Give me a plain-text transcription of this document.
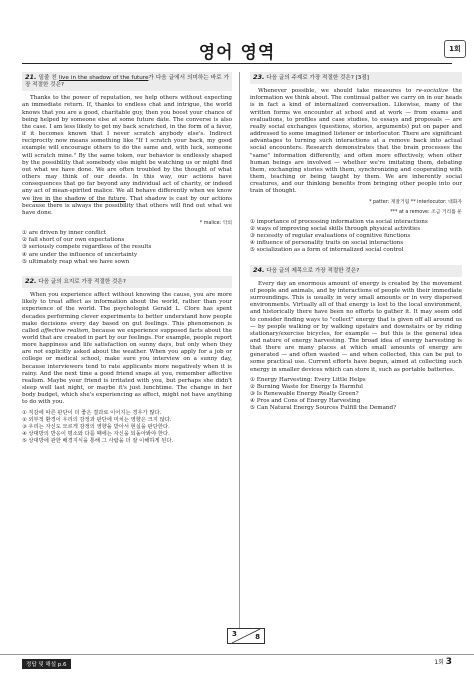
영어 영역	1회
21. 밑줄 친 live in the shadow of the future가 다음 글에서 의미하는 바로 가장 적절한 것은?

Thanks to the power of reputation, we help others without expecting an immediate return. If, thanks to endless chat and intrigue, the world knows that you are a good, charitable guy, then you boost your chance of being helped by someone else at some future date. The converse is also the case. I am less likely to get my back scratched, in the form of a favor, if it becomes known that I never scratch anybody else's. Indirect reciprocity now means something like "If I scratch your back, my good example will encourage others to do the same and, with luck, someone will scratch mine." By the same token, our behavior is endlessly shaped by the possibility that somebody else might be watching us or might find out what we have done. We are often troubled by the thought of what others may think of our deeds. In this way, our actions have consequences that go far beyond any individual act of charity, or indeed any act of mean-spirited malice. We all behave differently when we know we live in the shadow of the future. That shadow is cast by our actions because there is always the possibility that others will find out what we have done.

* malice: 악의
① are driven by inner conflict
② fall short of our own expectations
③ seriously compete regardless of the results
④ are under the influence of uncertainty
⑤ ultimately reap what we have sown
22. 다음 글의 요지로 가장 적절한 것은?

When you experience affect without knowing the cause, you are more likely to treat affect as information about the world, rather than your experience of the world. The psychologist Gerald L. Clore has spent decades performing clever experiments to better understand how people make decisions every day based on gut feelings. This phenomenon is called affective realism, because we experience supposed facts about the world that are created in part by our feelings. For example, people report more happiness and life satisfaction on sunny days, but only when they are not explicitly asked about the weather. When you apply for a job or college or medical school, make sure you interview on a sunny day, because interviewers tend to rate applicants more negatively when it is rainy. And the next time a good friend snaps at you, remember affective realism. Maybe your friend is irritated with you, but perhaps she didn't sleep well last night, or maybe it's just lunchtime. The change in her body budget, which she's experiencing as affect, might not have anything to do with you.

① 직감에 따른 판단이 더 좋은 결과로 이어지는 경우가 많다.
② 외부적 환경이 우리의 감정과 판단에 미치는 영향은 크지 않다.
③ 우리는 자신도 모르게 감정의 영향을 받아서 현실을 판단한다.
④ 상대방의 반응이 평소와 다를 때에는 자신을 되돌아봐야 한다.
⑤ 상대방에 관한 배경지식을 통해 그 사람을 더 잘 이해하게 된다.
23. 다음 글의 주제로 가장 적절한 것은? [3점]

Whenever possible, we should take measures to re-socialize the information we think about. The continual patter we carry on in our heads is in fact a kind of internalized conversation. Likewise, many of the written forms we encounter at school and at work — from exams and evaluations, to profiles and case studies, to essays and proposals — are really social exchanges (questions, stories, arguments) put on paper and addressed to some imagined listener or interlocutor. There are significant advantages to turning such interactions at a remove back into actual social encounters. Research demonstrates that the brain processes the "same" information differently, and often more effectively, when other human beings are involved — whether we're imitating them, debating them, exchanging stories with them, synchronizing and cooperating with them, teaching or being taught by them. We are inherently social creatures, and our thinking benefits from bringing other people into our train of thought.

* patter: 재잘거림 ** interlocutor: 대화자
*** at a remove: 조금 거리를 둔
① importance of processing information via social interactions
② ways of improving social skills through physical activities
③ necessity of regular evaluations of cognitive functions
④ influence of personality traits on social interactions
⑤ socialization as a form of internalized social control
24. 다음 글의 제목으로 가장 적절한 것은?

Every day an enormous amount of energy is created by the movement of people and animals, and by interactions of people with their immediate surroundings. This is usually in very small amounts or in very dispersed environments. Virtually all of that energy is lost to the local environment, and historically there have been no efforts to gather it. It may seem odd to consider finding ways to "collect" energy that is given off all around us — by people walking or by walking upstairs and downstairs or by riding stationary/exercise bicycles, for example — but this is the general idea and nature of energy harvesting. The broad idea of energy harvesting is that there are many places at which small amounts of energy are generated — and often wasted — and when collected, this can be put to some practical use. Current efforts have begun, aimed at collecting such energy in smaller devices which can store it, such as portable batteries.

① Energy Harvesting: Every Little Helps
② Burning Waste for Energy Is Harmful
③ Is Renewable Energy Really Green?
④ Pros and Cons of Energy Harvesting
⑤ Can Natural Energy Sources Fulfill the Demand?
3	8
정답 및 해설 p.6	1회 3
